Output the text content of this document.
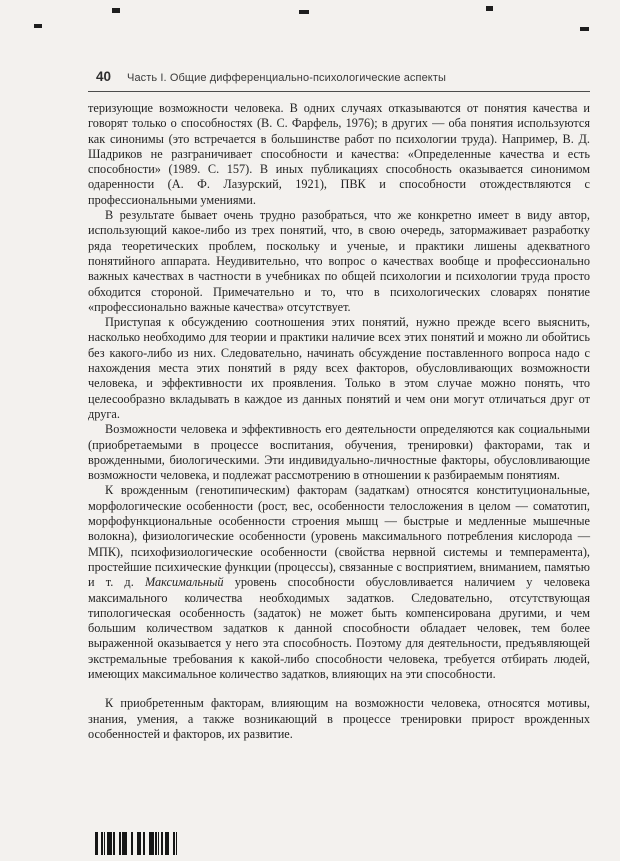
40 Часть I. Общие дифференциально-психологические аспекты

теризующие возможности человека. В одних случаях отказываются от понятия качества и говорят только о способностях (В. С. Фарфель, 1976); в других — оба понятия используются как синонимы (это встречается в большинстве работ по психологии труда). Например, В. Д. Шадриков не разграничивает способности и качества: «Определенные качества и есть способности» (1989. С. 157). В иных публикациях способность оказывается синонимом одаренности (А. Ф. Лазурский, 1921), ПВК и способности отождествляются с профессиональными умениями.

В результате бывает очень трудно разобраться, что же конкретно имеет в виду автор, использующий какое-либо из трех понятий, что, в свою очередь, затормаживает разработку ряда теоретических проблем, поскольку и ученые, и практики лишены адекватного понятийного аппарата. Неудивительно, что вопрос о качествах вообще и профессионально важных качествах в частности в учебниках по общей психологии и психологии труда просто обходится стороной. Примечательно и то, что в психологических словарях понятие «профессионально важные качества» отсутствует.

Приступая к обсуждению соотношения этих понятий, нужно прежде всего выяснить, насколько необходимо для теории и практики наличие всех этих понятий и можно ли обойтись без какого-либо из них. Следовательно, начинать обсуждение поставленного вопроса надо с нахождения места этих понятий в ряду всех факторов, обусловливающих возможности человека, и эффективности их проявления. Только в этом случае можно понять, что целесообразно вкладывать в каждое из данных понятий и чем они могут отличаться друг от друга.

Возможности человека и эффективность его деятельности определяются как социальными (приобретаемыми в процессе воспитания, обучения, тренировки) факторами, так и врожденными, биологическими. Эти индивидуально-личностные факторы, обусловливающие возможности человека, и подлежат рассмотрению в отношении к разбираемым понятиям.

К врожденным (генотипическим) факторам (задаткам) относятся конституциональные, морфологические особенности (рост, вес, особенности телосложения в целом — соматотип, морфофункциональные особенности строения мышц — быстрые и медленные мышечные волокна), физиологические особенности (уровень максимального потребления кислорода — МПК), психофизиологические особенности (свойства нервной системы и темперамента), простейшие психические функции (процессы), связанные с восприятием, вниманием, памятью и т. д. Максимальный уровень способности обусловливается наличием у человека максимального количества необходимых задатков. Следовательно, отсутствующая типологическая особенность (задаток) не может быть компенсирована другими, и чем большим количеством задатков к данной способности обладает человек, тем более выраженной оказывается у него эта способность. Поэтому для деятельности, предъявляющей экстремальные требования к какой-либо способности человека, требуется отбирать людей, имеющих максимальное количество задатков, влияющих на эти способности.

К приобретенным факторам, влияющим на возможности человека, относятся мотивы, знания, умения, а также возникающий в процессе тренировки прирост врожденных особенностей и факторов, их развитие.
